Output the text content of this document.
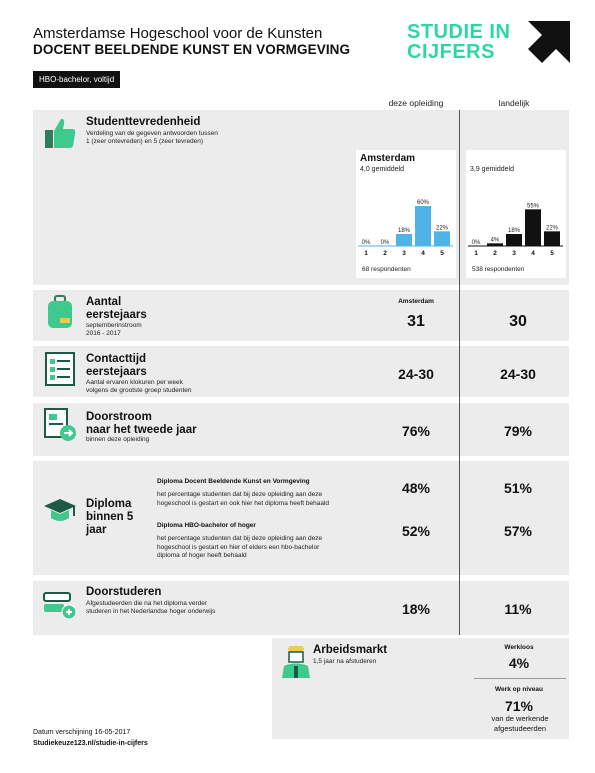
Amsterdamse Hogeschool voor de Kunsten
DOCENT BEELDENDE KUNST EN VORMGEVING
STUDIE IN
CIJFERS
HBO-bachelor, voltijd
deze opleiding	landelijk
Studenttevredenheid
Verdeling van de gegeven antwoorden tussen
1 (zeer ontevreden) en 5 (zeer tevreden)
Amsterdam
4,0 gemiddeld
0%
1
0%
2
18%
3
60%
4
22%
5
68 respondenten
3,9 gemiddeld
0%
1
4%
2
18%
3
55%
4
22%
5
538 respondenten
Aantal
eerstejaars
septemberinstroom
2016 - 2017
Amsterdam
31	30
Contacttijd
eerstejaars
Aantal ervaren klokuren per week
volgens de grootste groep studenten
24-30	24-30
Doorstroom
naar het tweede jaar
binnen deze opleiding
76%	79%
Diploma
binnen 5
jaar
Diploma Docent Beeldende Kunst en Vormgeving
het percentage studenten dat bij deze opleiding aan deze
hogeschool is gestart en ook hier het diploma heeft behaald
48%	51%
Diploma HBO-bachelor of hoger
het percentage studenten dat bij deze opleiding aan deze
hogeschool is gestart en hier of elders een hbo-bachelor
diploma of hoger heeft behaald
52%	57%
Doorstuderen
Afgestudeerden die na het diploma verder
studeren in het Nederlandse hoger onderwijs	18%	11%
Arbeidsmarkt
1,5 jaar na afstuderen
Werkloos
4%
Werk op niveau
71%
van de werkende
afgestudeerden
Datum verschijning 16-05-2017
Studiekeuze123.nl/studie-in-cijfers
